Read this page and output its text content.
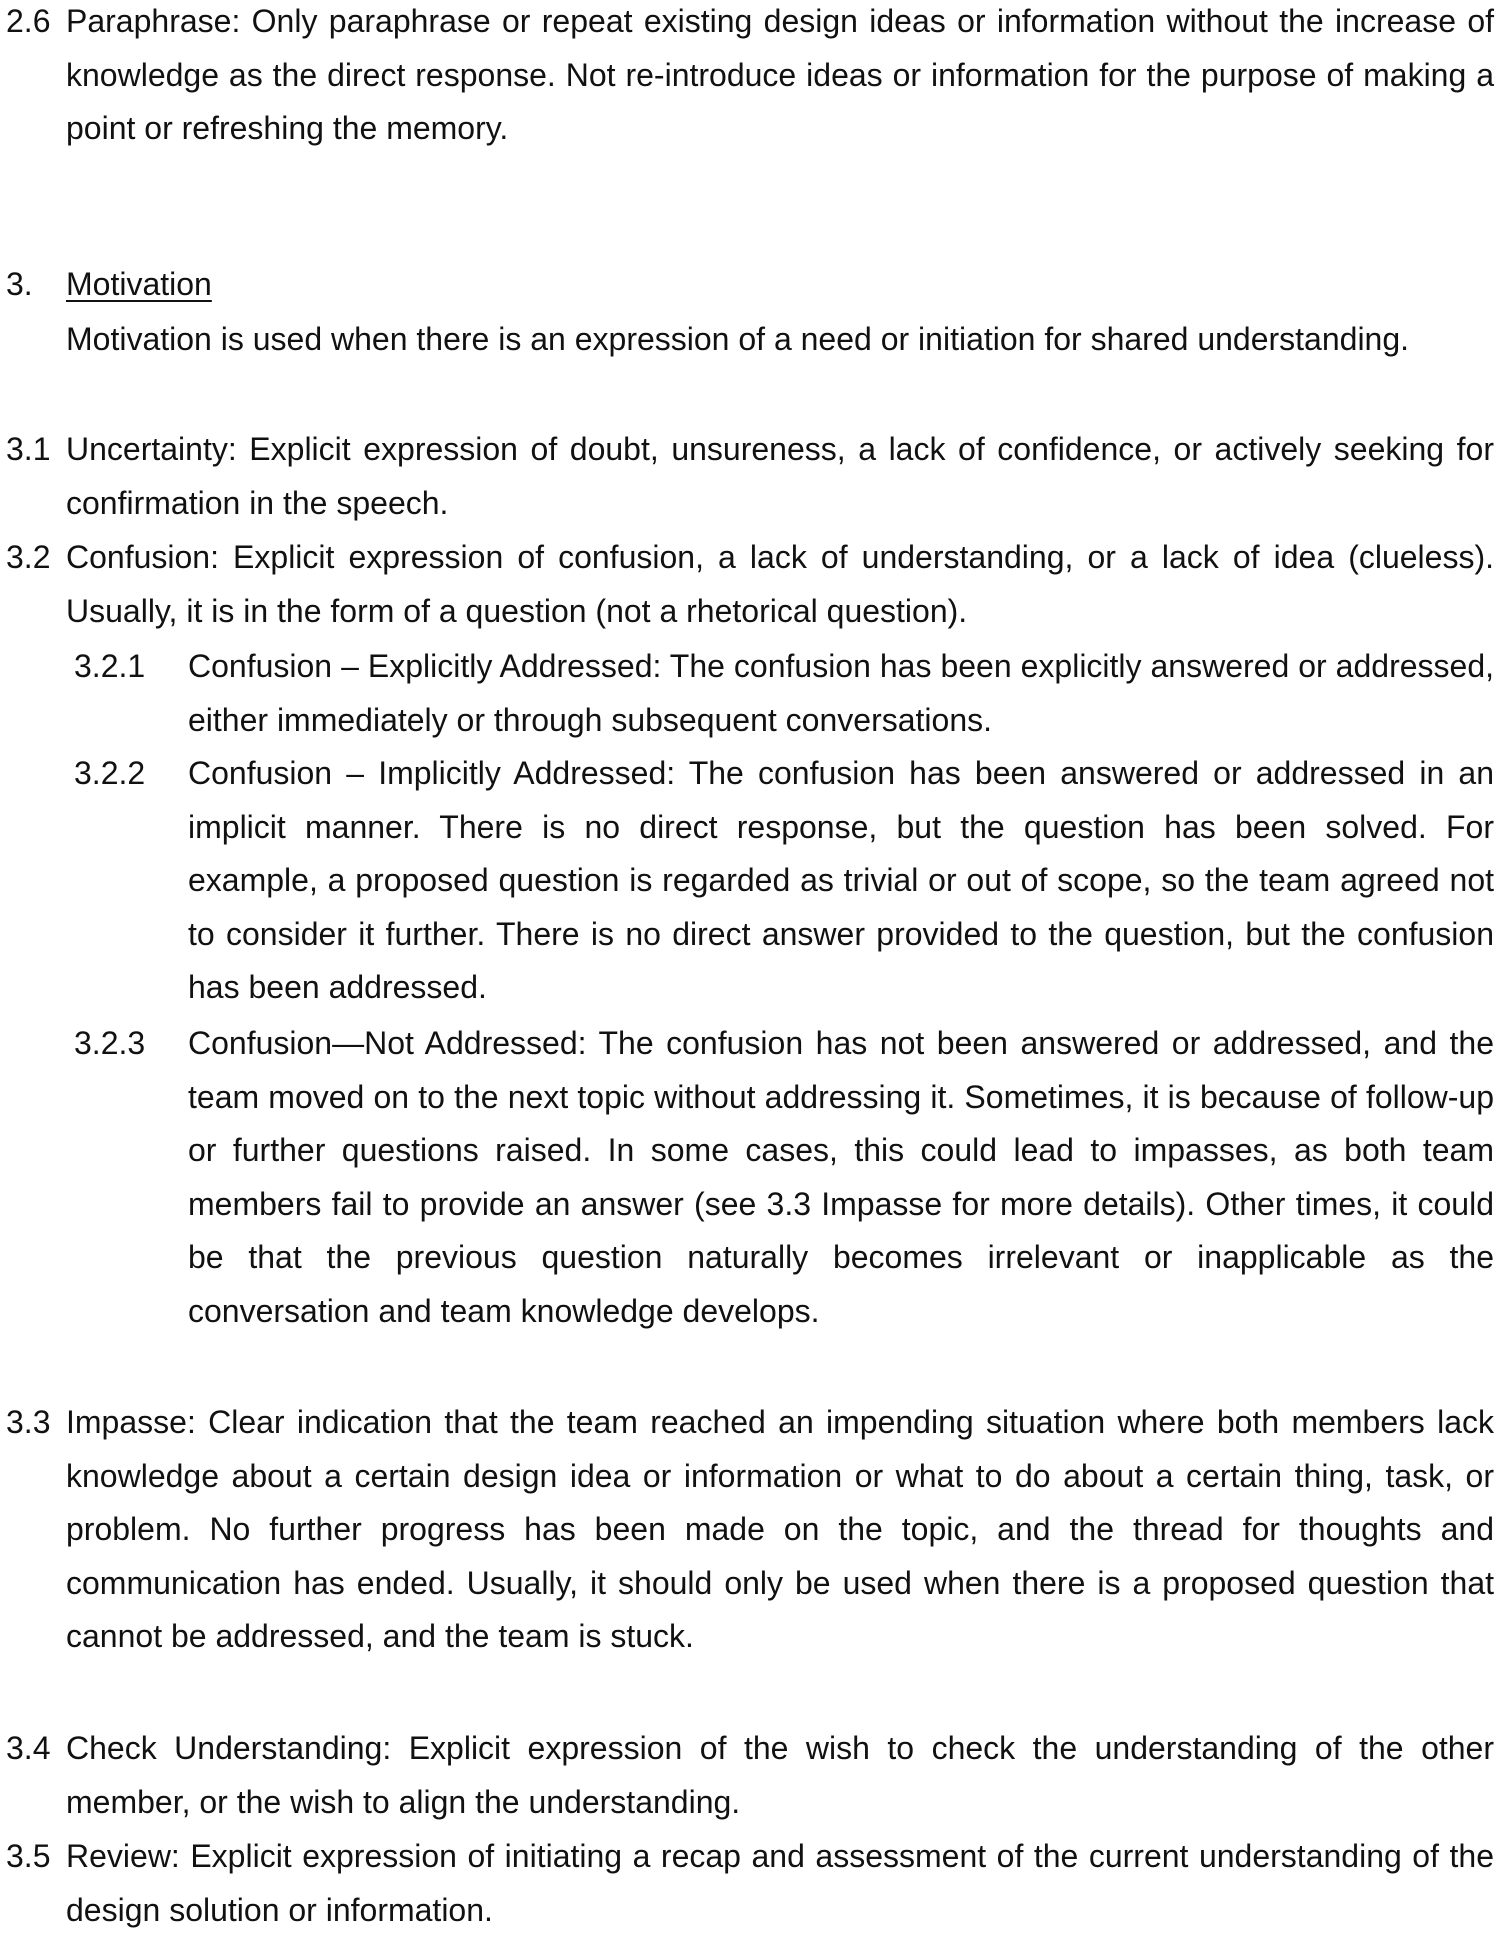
2.6 Paraphrase: Only paraphrase or repeat existing design ideas or information without the increase of knowledge as the direct response. Not re-introduce ideas or information for the purpose of making a point or refreshing the memory.
3. Motivation
Motivation is used when there is an expression of a need or initiation for shared understanding.
3.1 Uncertainty: Explicit expression of doubt, unsureness, a lack of confidence, or actively seeking for confirmation in the speech.
3.2 Confusion: Explicit expression of confusion, a lack of understanding, or a lack of idea (clueless). Usually, it is in the form of a question (not a rhetorical question).
3.2.1 Confusion – Explicitly Addressed: The confusion has been explicitly answered or addressed, either immediately or through subsequent conversations.
3.2.2 Confusion – Implicitly Addressed: The confusion has been answered or addressed in an implicit manner. There is no direct response, but the question has been solved. For example, a proposed question is regarded as trivial or out of scope, so the team agreed not to consider it further. There is no direct answer provided to the question, but the confusion has been addressed.
3.2.3 Confusion—Not Addressed: The confusion has not been answered or addressed, and the team moved on to the next topic without addressing it. Sometimes, it is because of follow-up or further questions raised. In some cases, this could lead to impasses, as both team members fail to provide an answer (see 3.3 Impasse for more details). Other times, it could be that the previous question naturally becomes irrelevant or inapplicable as the conversation and team knowledge develops.
3.3 Impasse: Clear indication that the team reached an impending situation where both members lack knowledge about a certain design idea or information or what to do about a certain thing, task, or problem. No further progress has been made on the topic, and the thread for thoughts and communication has ended. Usually, it should only be used when there is a proposed question that cannot be addressed, and the team is stuck.
3.4 Check Understanding: Explicit expression of the wish to check the understanding of the other member, or the wish to align the understanding.
3.5 Review: Explicit expression of initiating a recap and assessment of the current understanding of the design solution or information.
